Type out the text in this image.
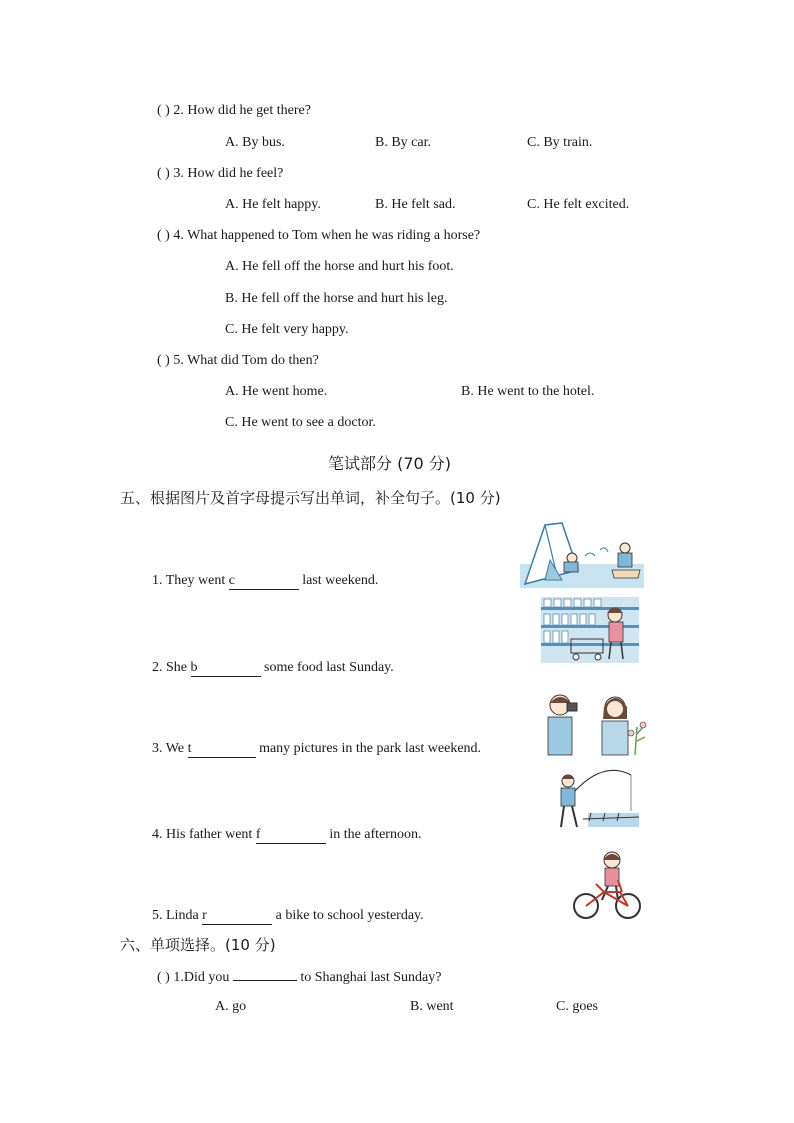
( ) 2. How did he get there?
A. By bus.	B. By car.	C. By train.
( ) 3. How did he feel?
A. He felt happy.	B. He felt sad.	C. He felt excited.
( ) 4. What happened to Tom when he was riding a horse?
A. He fell off the horse and hurt his foot.
B. He fell off the horse and hurt his leg.
C. He felt very happy.
( ) 5. What did Tom do then?
A. He went home.	B. He went to the hotel.
C. He went to see a doctor.
笔试部分 (70 分)
五、根据图片及首字母提示写出单词，补全句子。(10 分)
1. They went c	last weekend.
2. She b	some food last Sunday.
3. We t	many pictures in the park last weekend.
4. His father went f	in the afternoon.
5. Linda r	a bike to school yesterday.
六、单项选择。(10 分)
( ) 1.Did you	to Shanghai last Sunday?
A. go	B. went	C. goes
